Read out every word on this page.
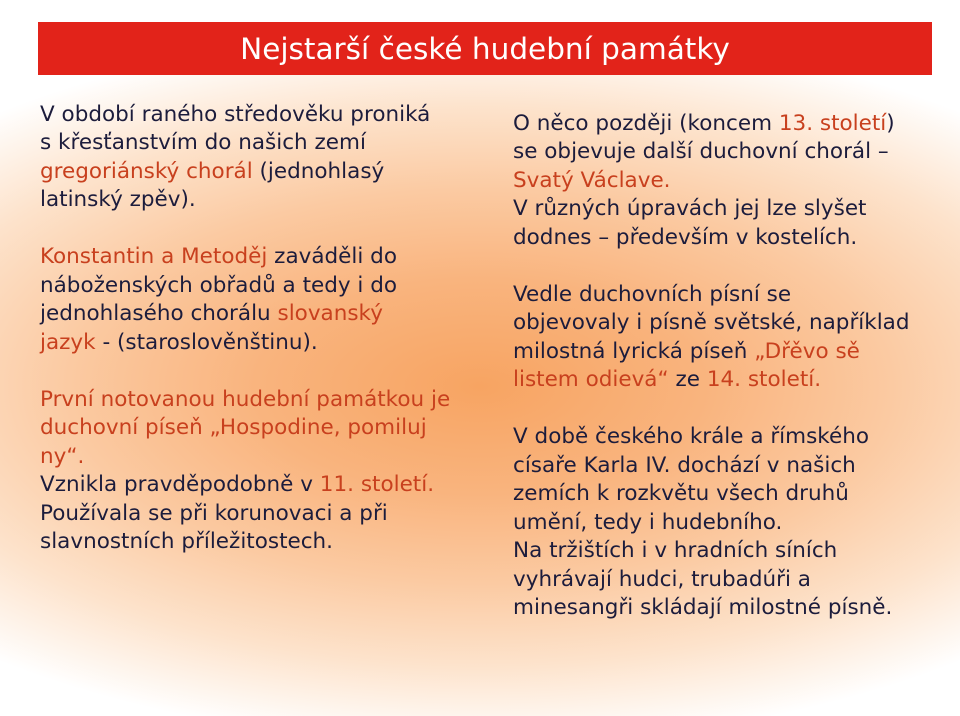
Nejstarší české hudební památky
V období raného středověku proniká
s křesťanstvím do našich zemí
gregoriánský chorál (jednohlasý
latinský zpěv).
Konstantin a Metoděj zaváděli do
náboženských obřadů a tedy i do
jednohlasého chorálu slovanský
jazyk - (staroslověnštinu).
První notovanou hudební památkou je
duchovní píseň „Hospodine, pomiluj
ny“.
Vznikla pravděpodobně v 11. století.
Používala se při korunovaci a při
slavnostních příležitostech.
O něco později (koncem 13. století)
se objevuje další duchovní chorál –
Svatý Václave.
V různých úpravách jej lze slyšet
dodnes – především v kostelích.
Vedle duchovních písní se
objevovaly i písně světské, například
milostná lyrická píseň „Dřěvo sě
listem odievá“ ze 14. století.
V době českého krále a římského
císaře Karla IV. dochází v našich
zemích k rozkvětu všech druhů
umění, tedy i hudebního.
Na tržištích i v hradních síních
vyhrávají hudci, trubadúři a
minesangři skládají milostné písně.
